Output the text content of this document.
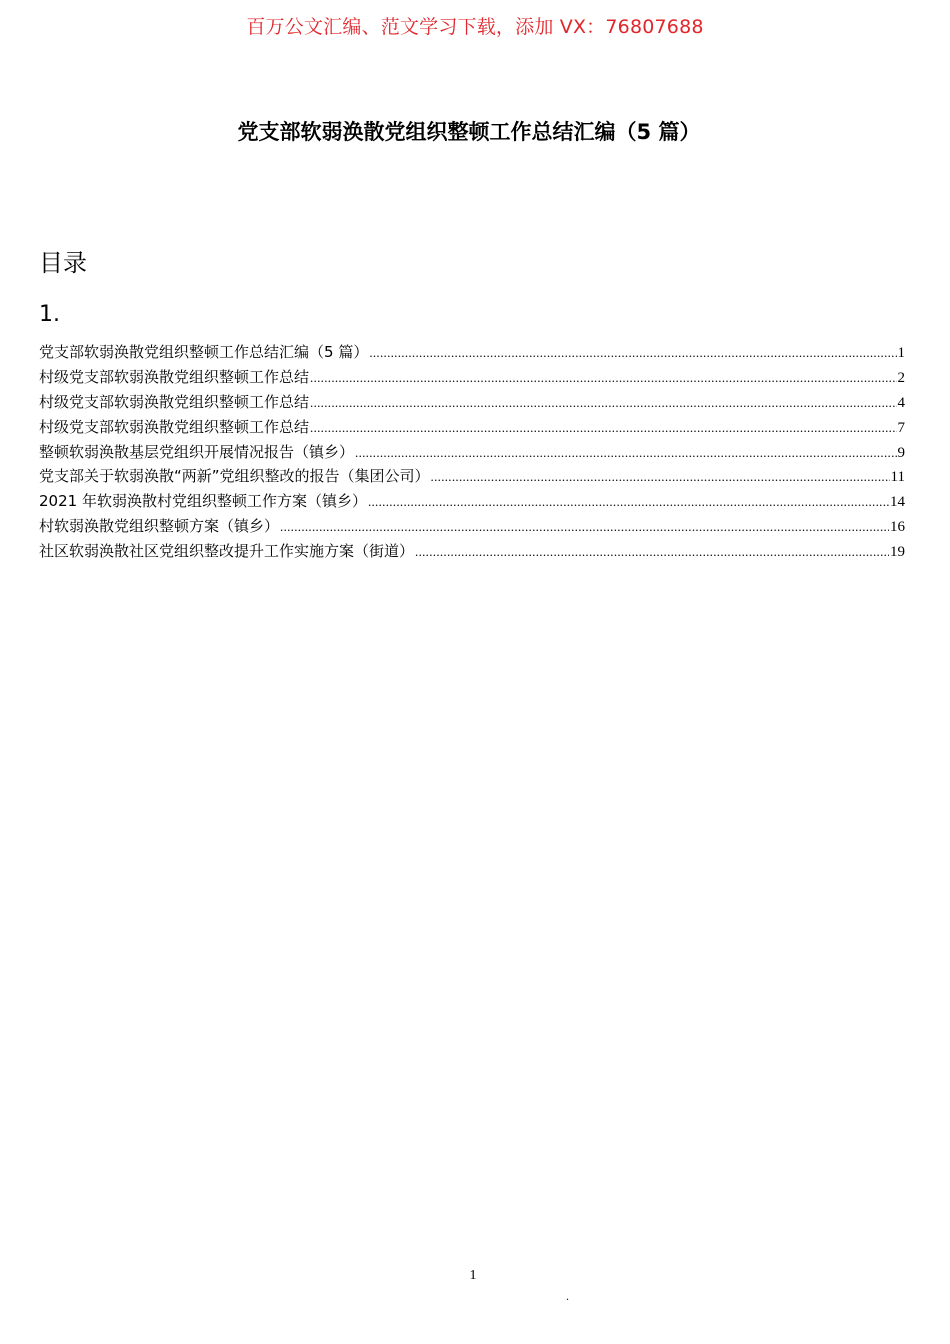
百万公文汇编、范文学习下载，添加 VX：76807688
党支部软弱涣散党组织整顿工作总结汇编（5 篇）
目录
1.
党支部软弱涣散党组织整顿工作总结汇编（5 篇） .....	1
村级党支部软弱涣散党组织整顿工作总结 .....	2
村级党支部软弱涣散党组织整顿工作总结 .....	4
村级党支部软弱涣散党组织整顿工作总结 .....	7
整顿软弱涣散基层党组织开展情况报告（镇乡） .....	9
党支部关于软弱涣散“两新”党组织整改的报告（集团公司） .....	11
2021 年软弱涣散村党组织整顿工作方案（镇乡） .....	14
村软弱涣散党组织整顿方案（镇乡） .....	16
社区软弱涣散社区党组织整改提升工作实施方案（街道） .....	19
1
.
